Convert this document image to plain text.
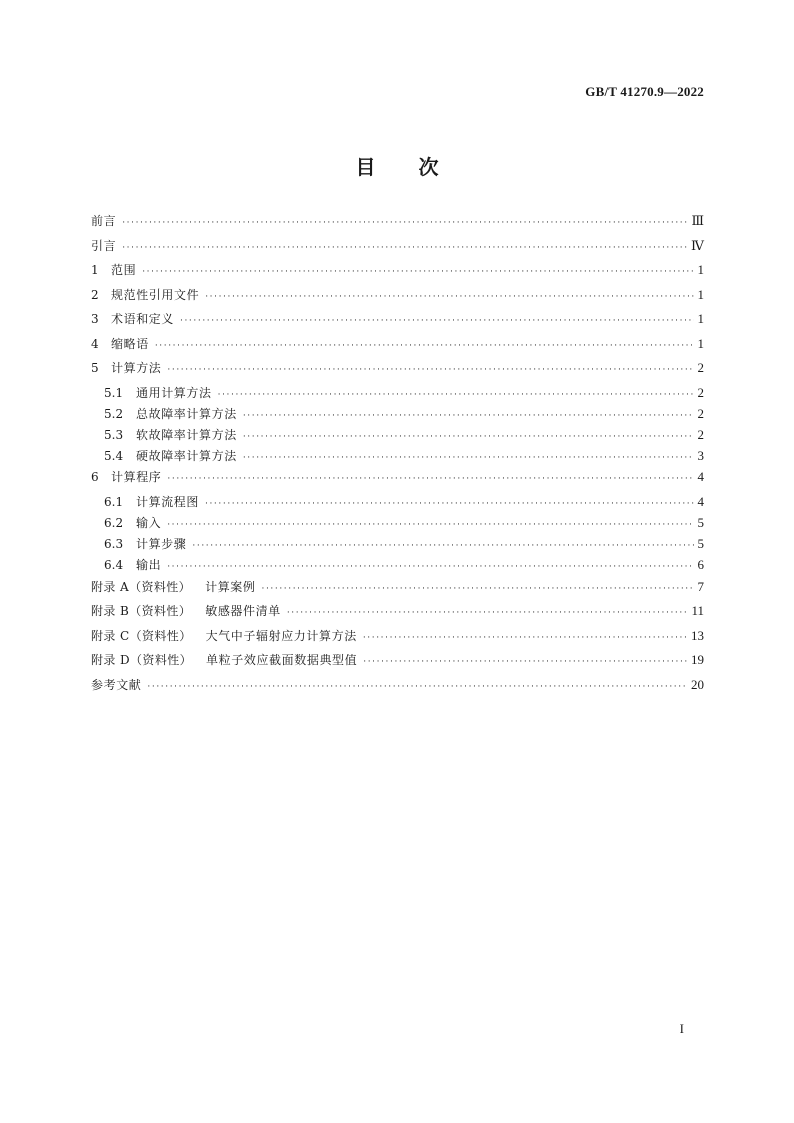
GB/T 41270.9—2022
目 次
前言 ·····	Ⅲ
引言 ·····	Ⅳ
1	范围 ·····	1
2	规范性引用文件 ·····	1
3	术语和定义 ·····	1
4	缩略语 ·····	1
5	计算方法 ·····	2
5.1	通用计算方法 ·····	2
5.2	总故障率计算方法 ·····	2
5.3	软故障率计算方法 ·····	2
5.4	硬故障率计算方法 ·····	3
6	计算程序 ·····	4
6.1	计算流程图 ·····	4
6.2	输入 ·····	5
6.3	计算步骤 ·····	5
6.4	输出 ·····	6
附录 A（资料性） 计算案例 ·····	7
附录 B（资料性） 敏感器件清单 ·····	11
附录 C（资料性） 大气中子辐射应力计算方法 ·····	13
附录 D（资料性） 单粒子效应截面数据典型值 ·····	19
参考文献 ·····	20
I
